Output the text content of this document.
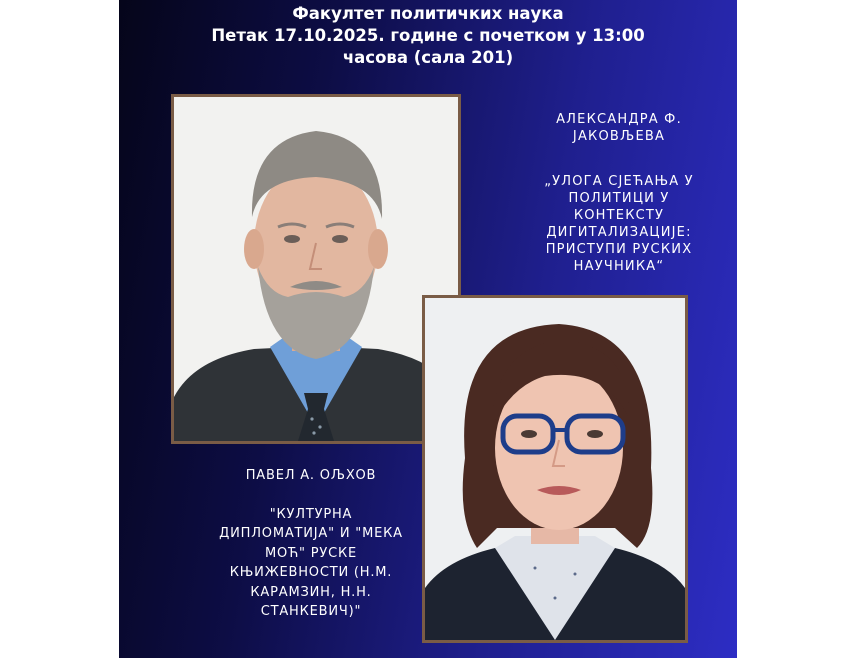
Факултет политичких наука
Петак 17.10.2025. године с почетком у 13:00
часова (сала 201)
АЛЕКСАНДРА Ф.
ЈАКОВЉЕВА
„УЛОГА СЈЕЋАЊА У
ПОЛИТИЦИ У
КОНТЕКСТУ
ДИГИТАЛИЗАЦИЈЕ:
ПРИСТУПИ РУСКИХ
НАУЧНИКА“
ПАВЕЛ А. ОЉХОВ
"КУЛТУРНА
ДИПЛОМАТИЈА" И "МЕКА
МОЋ" РУСКЕ
КЊИЖЕВНОСТИ (Н.М.
КАРАМЗИН, Н.Н.
СТАНКЕВИЧ)"
